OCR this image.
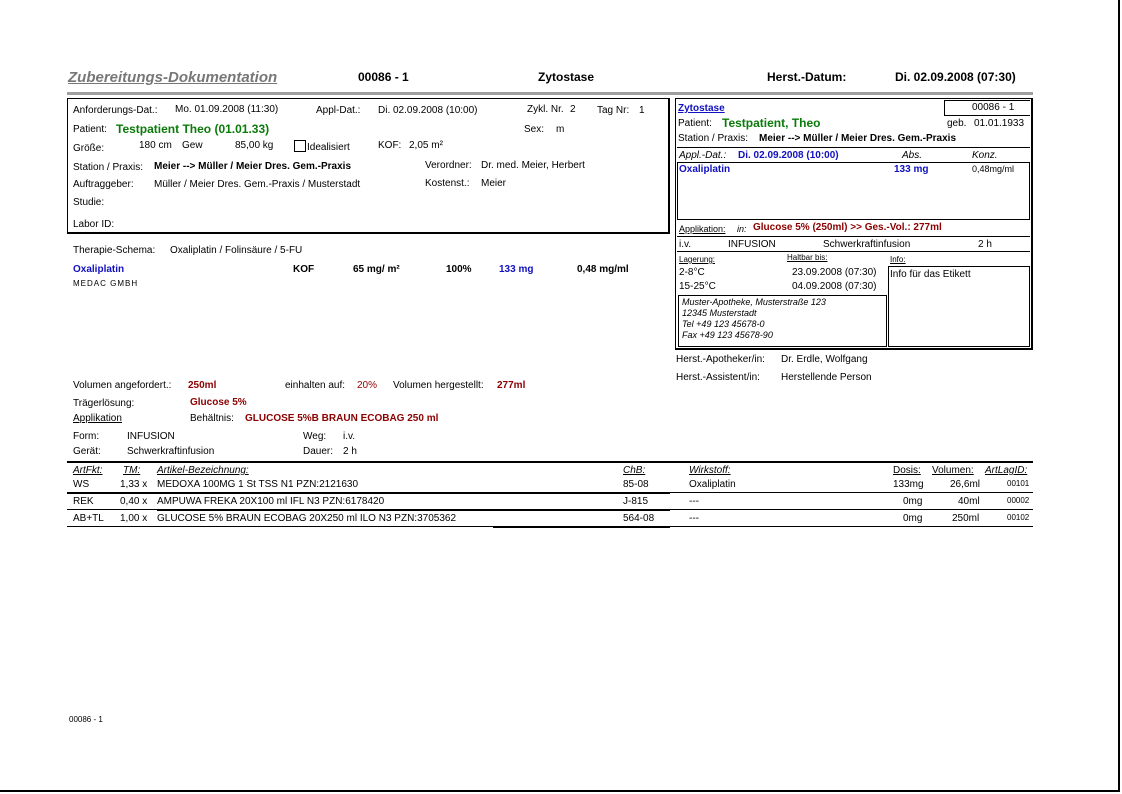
Zubereitungs-Dokumentation	00086 - 1	Zytostase	Herst.-Datum:	Di. 02.09.2008 (07:30)
Anforderungs-Dat.: Mo. 01.09.2008 (11:30)	Appl-Dat.: Di. 02.09.2008 (10:00)	Zykl. Nr. 2 Tag Nr: 1
Patient: Testpatient Theo (01.01.33)	Sex: m
Größe:	180 cm Gew	85,00 kg	Idealisiert	KOF: 2,05 m²
Station / Praxis: Meier --> Müller / Meier Dres. Gem.-Praxis	Verordner: Dr. med. Meier, Herbert
Auftraggeber: Müller / Meier Dres. Gem.-Praxis / Musterstadt	Kostenst.: Meier
Studie:
Labor ID:
Therapie-Schema: Oxaliplatin / Folinsäure / 5-FU
Oxaliplatin
MEDAC GMBH
KOF	65 mg/ m²	100%	133 mg	0,48 mg/ml
Volumen angefordert.: 250ml	einhalten auf: 20% Volumen hergestellt: 277ml
Trägerlösung:	Glucose 5%
Applikation	Behältnis: GLUCOSE 5%B BRAUN ECOBAG 250 ml
Form:	INFUSION	Weg: i.v.
Gerät:	Schwerkraftinfusion	Dauer: 2 h
Zytostase	00086 - 1
Patient: Testpatient, Theo	geb. 01.01.1933
Station / Praxis: Meier --> Müller / Meier Dres. Gem.-Praxis
Appl.-Dat.: Di. 02.09.2008 (10:00)	Abs.	Konz.
Oxaliplatin	133 mg	0,48mg/ml
Applikation: in: Glucose 5% (250ml) >> Ges.-Vol.: 277ml
i.v.	INFUSION	Schwerkraftinfusion	2 h
Lagerung:	Haltbar bis:	Info:
2-8°C	23.09.2008 (07:30)
15-25°C	04.09.2008 (07:30)
Info für das Etikett
Muster-Apotheke, Musterstraße 123
12345 Musterstadt
Tel +49 123 45678-0
Fax +49 123 45678-90
Herst.-Apotheker/in: Dr. Erdle, Wolfgang
Herst.-Assistent/in: Herstellende Person
ArtFkt: TM: Artikel-Bezeichnung:	ChB:	Wirkstoff:	Dosis: Volumen: ArtLagID:
WS	1,33 x MEDOXA 100MG 1 St TSS N1 PZN:2121630	85-08	Oxaliplatin	133mg	26,6ml	00101
REK	0,40 x AMPUWA FREKA 20X100 ml IFL N3 PZN:6178420	J-815	---	0mg	40ml	00002
AB+TL 1,00 x GLUCOSE 5% BRAUN ECOBAG 20X250 ml ILO N3 PZN:3705362	564-08	---	0mg	250ml	00102
00086 - 1
